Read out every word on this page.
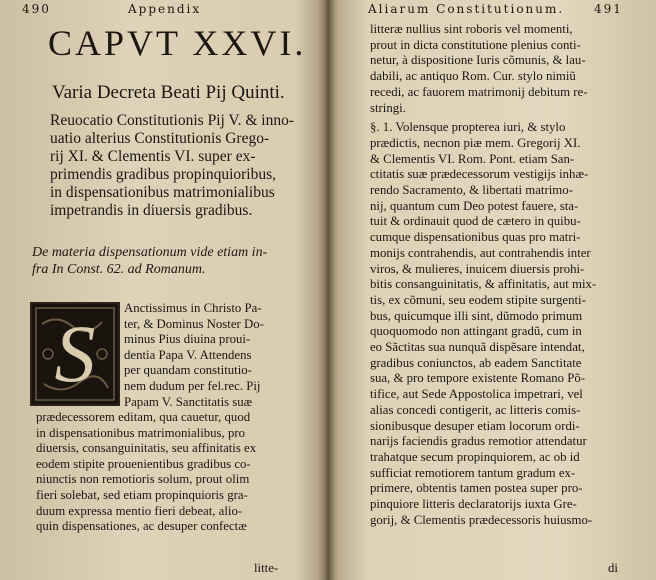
490	Appendix
CAPVT XXVI.
Varia Decreta Beati Pij Quinti.
Reuocatio Constitutionis Pij V. & inno-
uatio alterius Constitutionis Grego-
rij XI. & Clementis VI. super ex-
primendis gradibus propinquioribus,
in dispensationibus matrimonialibus
impetrandis in diuersis gradibus.
De materia dispensationum vide etiam in-
fra In Const. 62. ad Romanum.
S Anctissimus in Christo Pa-
ter, & Dominus Noster Do-
minus Pius diuina proui-
dentia Papa V. Attendens
per quandam constitutio-
nem dudum per fel.rec. Pij
Papam V. Sanctitatis suæ
prædecessorem editam, qua cauetur, quod
in dispensationibus matrimonialibus, pro
diuersis, consanguinitatis, seu affinitatis ex
eodem stipite prouenientibus gradibus co-
niunctis non remotioris solum, prout olim
fieri solebat, sed etiam propinquioris gra-
duum expressa mentio fieri debeat, alio-
quin dispensationes, ac desuper confectæ
litte-
Aliarum Constitutionum. 491
litteræ nullius sint roboris vel momenti,
prout in dicta constitutione plenius conti-
netur, à dispositione Iuris cõmunis, & lau-
dabili, ac antiquo Rom. Cur. stylo nimiũ
recedi, ac fauorem matrimonij debitum re-
stringi.
§. 1. Volensque propterea iuri, & stylo
prædictis, necnon piæ mem. Gregorij XI.
& Clementis VI. Rom. Pont. etiam San-
ctitatis suæ prædecessorum vestigijs inhæ-
rendo Sacramento, & libertati matrimo-
nij, quantum cum Deo potest fauere, sta-
tuit & ordinauit quod de cætero in quibu-
cumque dispensationibus quas pro matri-
monijs contrahendis, aut contrahendis inter
viros, & mulieres, inuicem diuersis prohi-
bitis consanguinitatis, & affinitatis, aut mix-
tis, ex cõmuni, seu eodem stipite surgenti-
bus, quicumque illi sint, dũmodo primum
quoquomodo non attingant gradũ, cum in
eo Sãctitas sua nunquã dispẽsare intendat,
gradibus coniunctos, ab eadem Sanctitate
sua, & pro tempore existente Romano Põ-
tifice, aut Sede Appostolica impetrari, vel
alias concedi contigerit, ac litteris comis-
sionibusque desuper etiam locorum ordi-
narijs faciendis gradus remotior attendatur
trahatque secum propinquiorem, ac ob id
sufficiat remotiorem tantum gradum ex-
primere, obtentis tamen postea super pro-
pinquiore litteris declaratorijs iuxta Gre-
gorij, & Clementis prædecessoris huiusmo-
di
